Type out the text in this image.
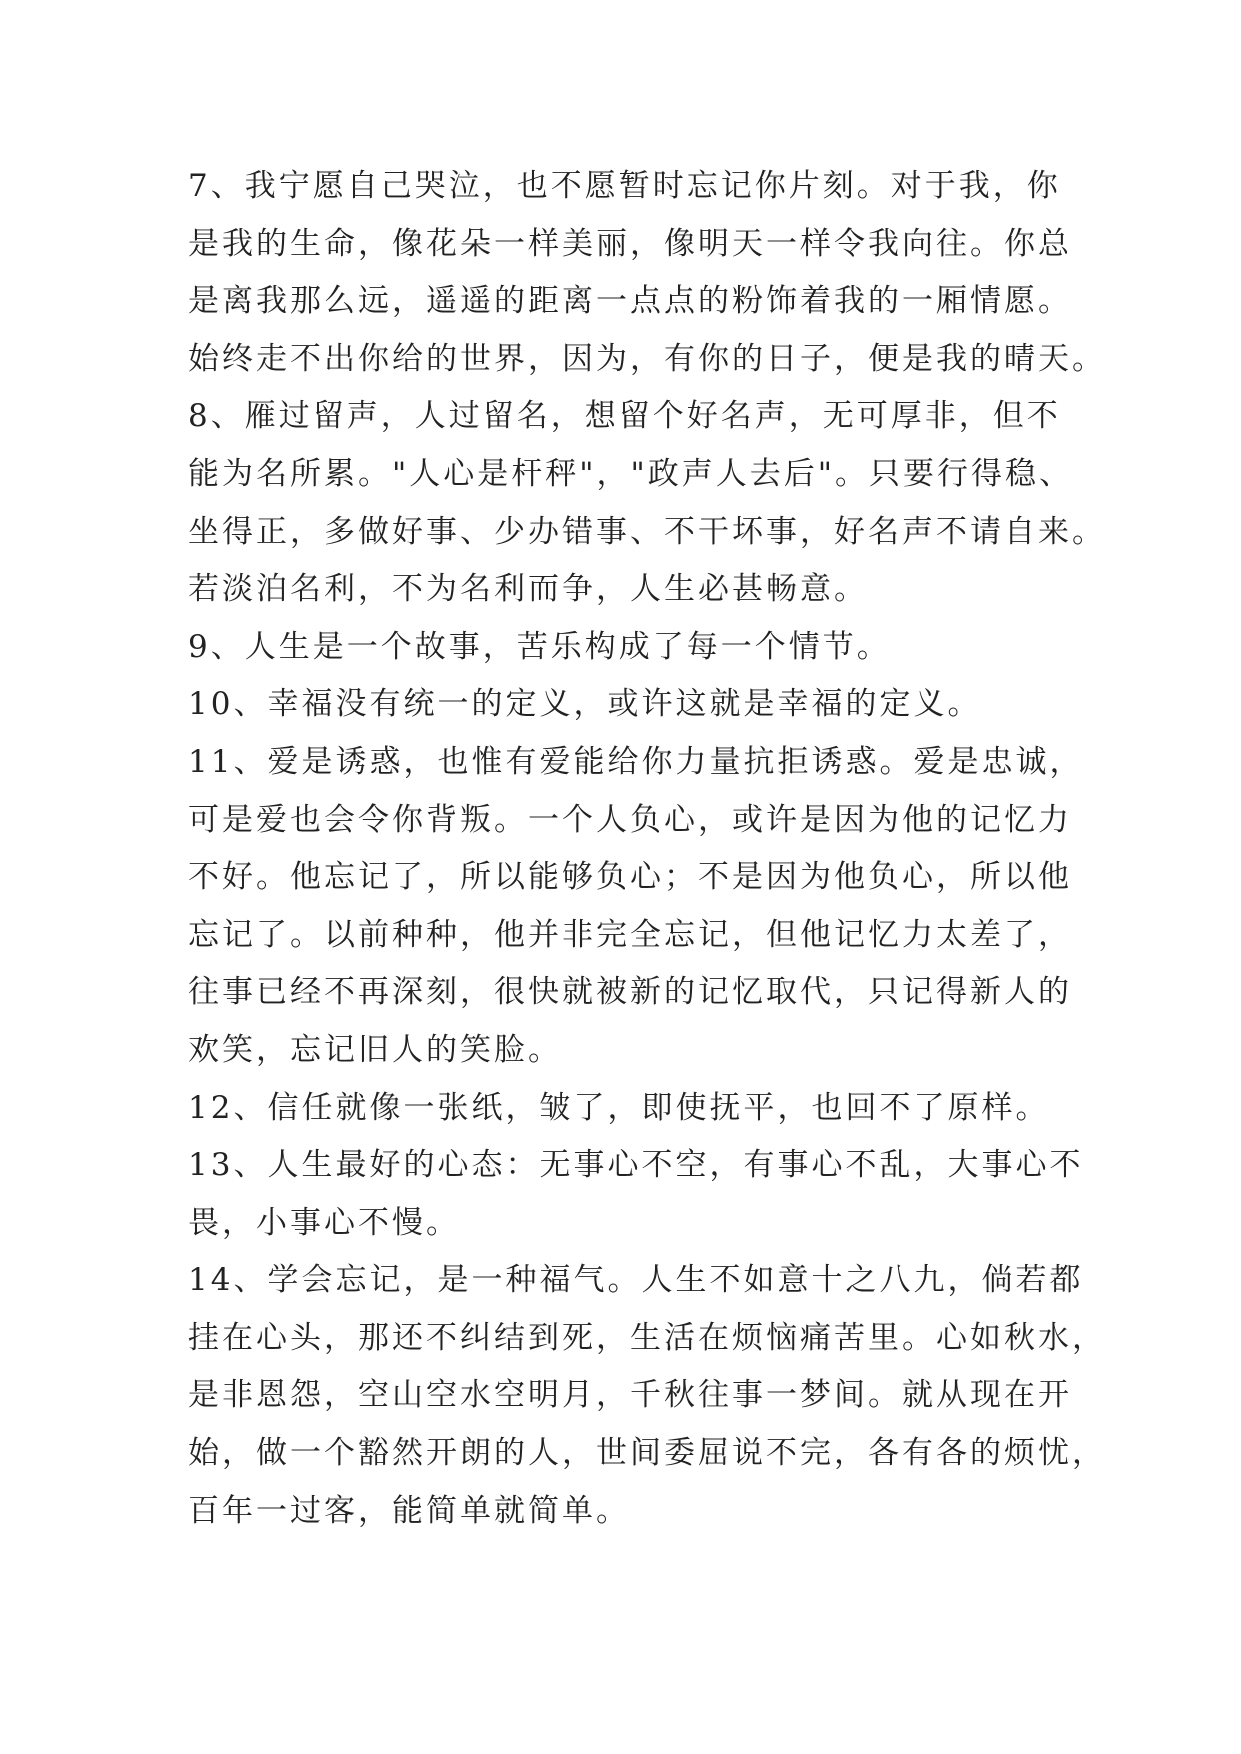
7、我宁愿自己哭泣，也不愿暂时忘记你片刻。对于我，你
是我的生命，像花朵一样美丽，像明天一样令我向往。你总
是离我那么远，遥遥的距离一点点的粉饰着我的一厢情愿。
始终走不出你给的世界，因为，有你的日子，便是我的晴天。
8、雁过留声，人过留名，想留个好名声，无可厚非，但不
能为名所累。"人心是杆秤"，"政声人去后"。只要行得稳、
坐得正，多做好事、少办错事、不干坏事，好名声不请自来。
若淡泊名利，不为名利而争，人生必甚畅意。
9、人生是一个故事，苦乐构成了每一个情节。
10、幸福没有统一的定义，或许这就是幸福的定义。
11、爱是诱惑，也惟有爱能给你力量抗拒诱惑。爱是忠诚，
可是爱也会令你背叛。一个人负心，或许是因为他的记忆力
不好。他忘记了，所以能够负心；不是因为他负心，所以他
忘记了。以前种种，他并非完全忘记，但他记忆力太差了，
往事已经不再深刻，很快就被新的记忆取代，只记得新人的
欢笑，忘记旧人的笑脸。
12、信任就像一张纸，皱了，即使抚平，也回不了原样。
13、人生最好的心态：无事心不空，有事心不乱，大事心不
畏，小事心不慢。
14、学会忘记，是一种福气。人生不如意十之八九，倘若都
挂在心头，那还不纠结到死，生活在烦恼痛苦里。心如秋水，
是非恩怨，空山空水空明月，千秋往事一梦间。就从现在开
始，做一个豁然开朗的人，世间委屈说不完，各有各的烦忧，
百年一过客，能简单就简单。
